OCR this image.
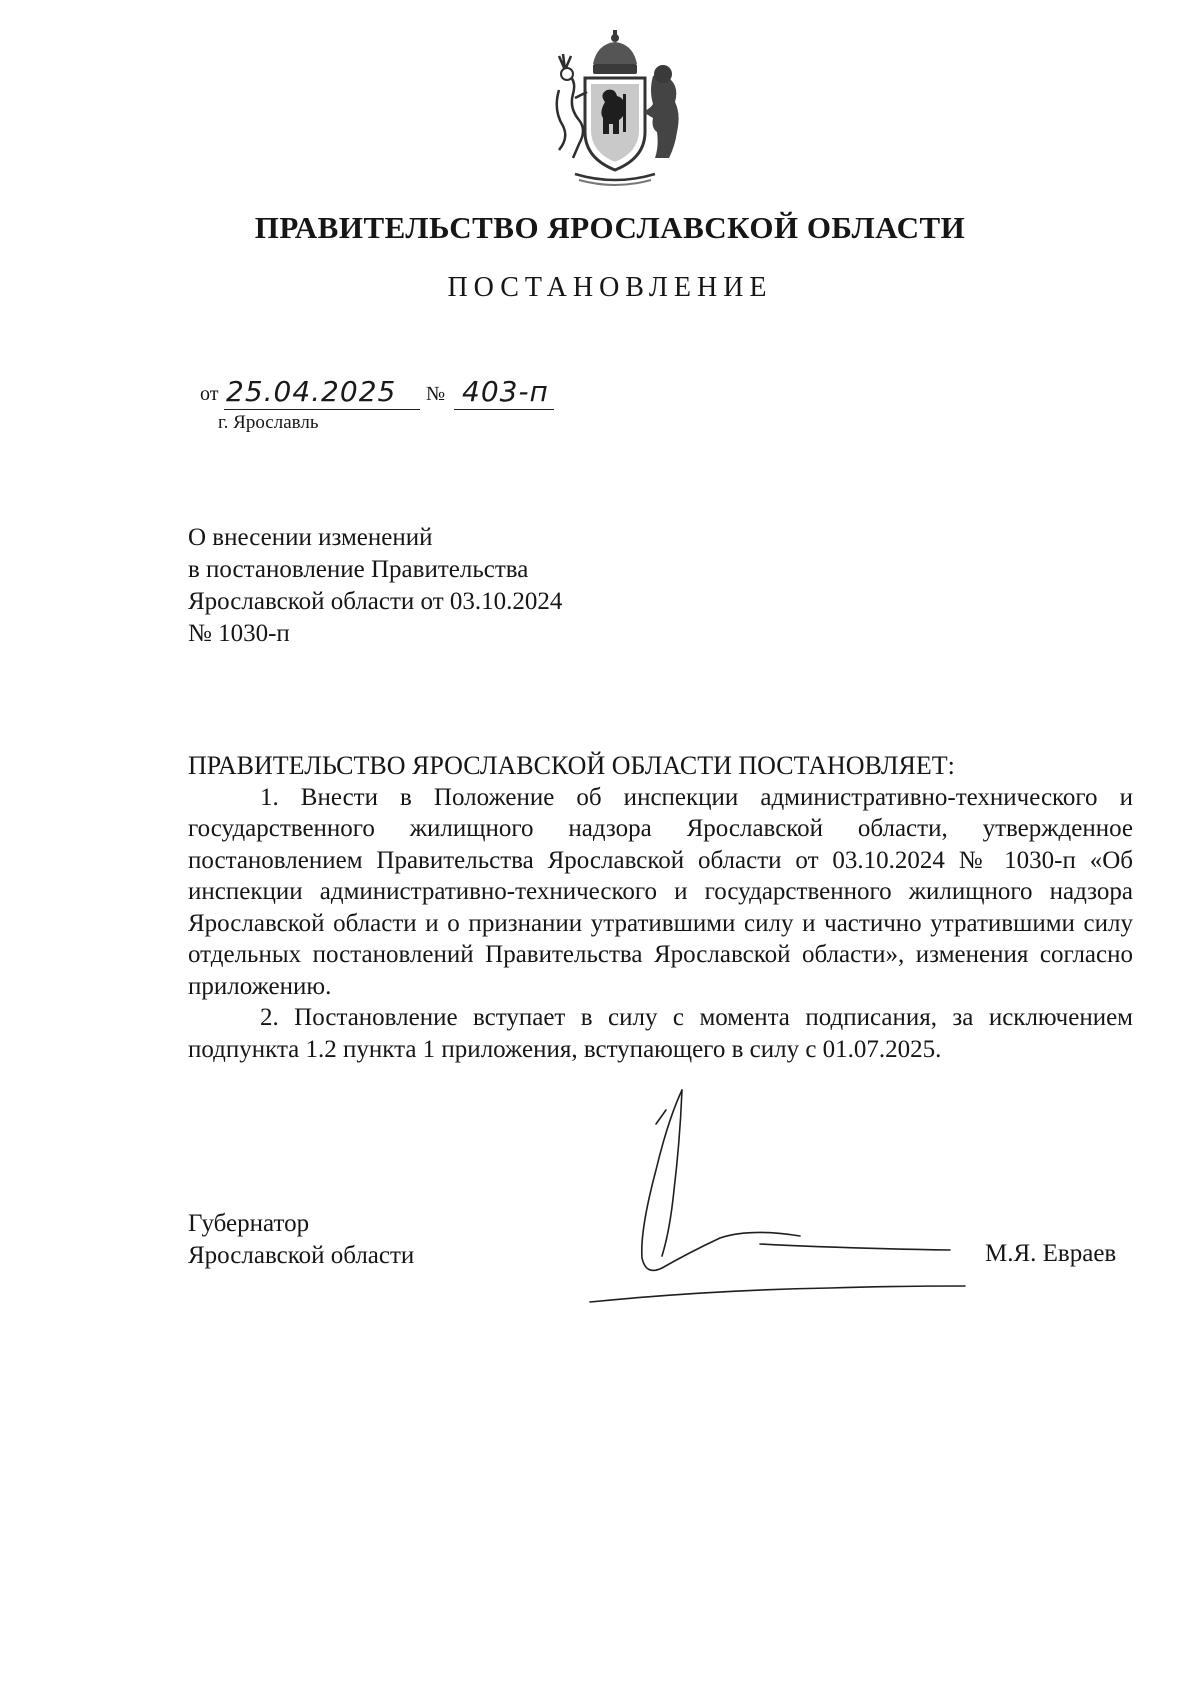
ПРАВИТЕЛЬСТВО ЯРОСЛАВСКОЙ ОБЛАСТИ
ПОСТАНОВЛЕНИЕ
от 25.04.2025 № 403-п
г. Ярославль
О внесении изменений
в постановление Правительства
Ярославской области от 03.10.2024
№ 1030-п
ПРАВИТЕЛЬСТВО ЯРОСЛАВСКОЙ ОБЛАСТИ ПОСТАНОВЛЯЕТ:

1. Внести в Положение об инспекции административно-технического и государственного жилищного надзора Ярославской области, утвержденное постановлением Правительства Ярославской области от 03.10.2024 № 1030-п «Об инспекции административно-технического и государственного жилищного надзора Ярославской области и о признании утратившими силу и частично утратившими силу отдельных постановлений Правительства Ярославской области», изменения согласно приложению.

2. Постановление вступает в силу с момента подписания, за исключением подпункта 1.2 пункта 1 приложения, вступающего в силу с 01.07.2025.

Губернатор
Ярославской области	М.Я. Евраев
